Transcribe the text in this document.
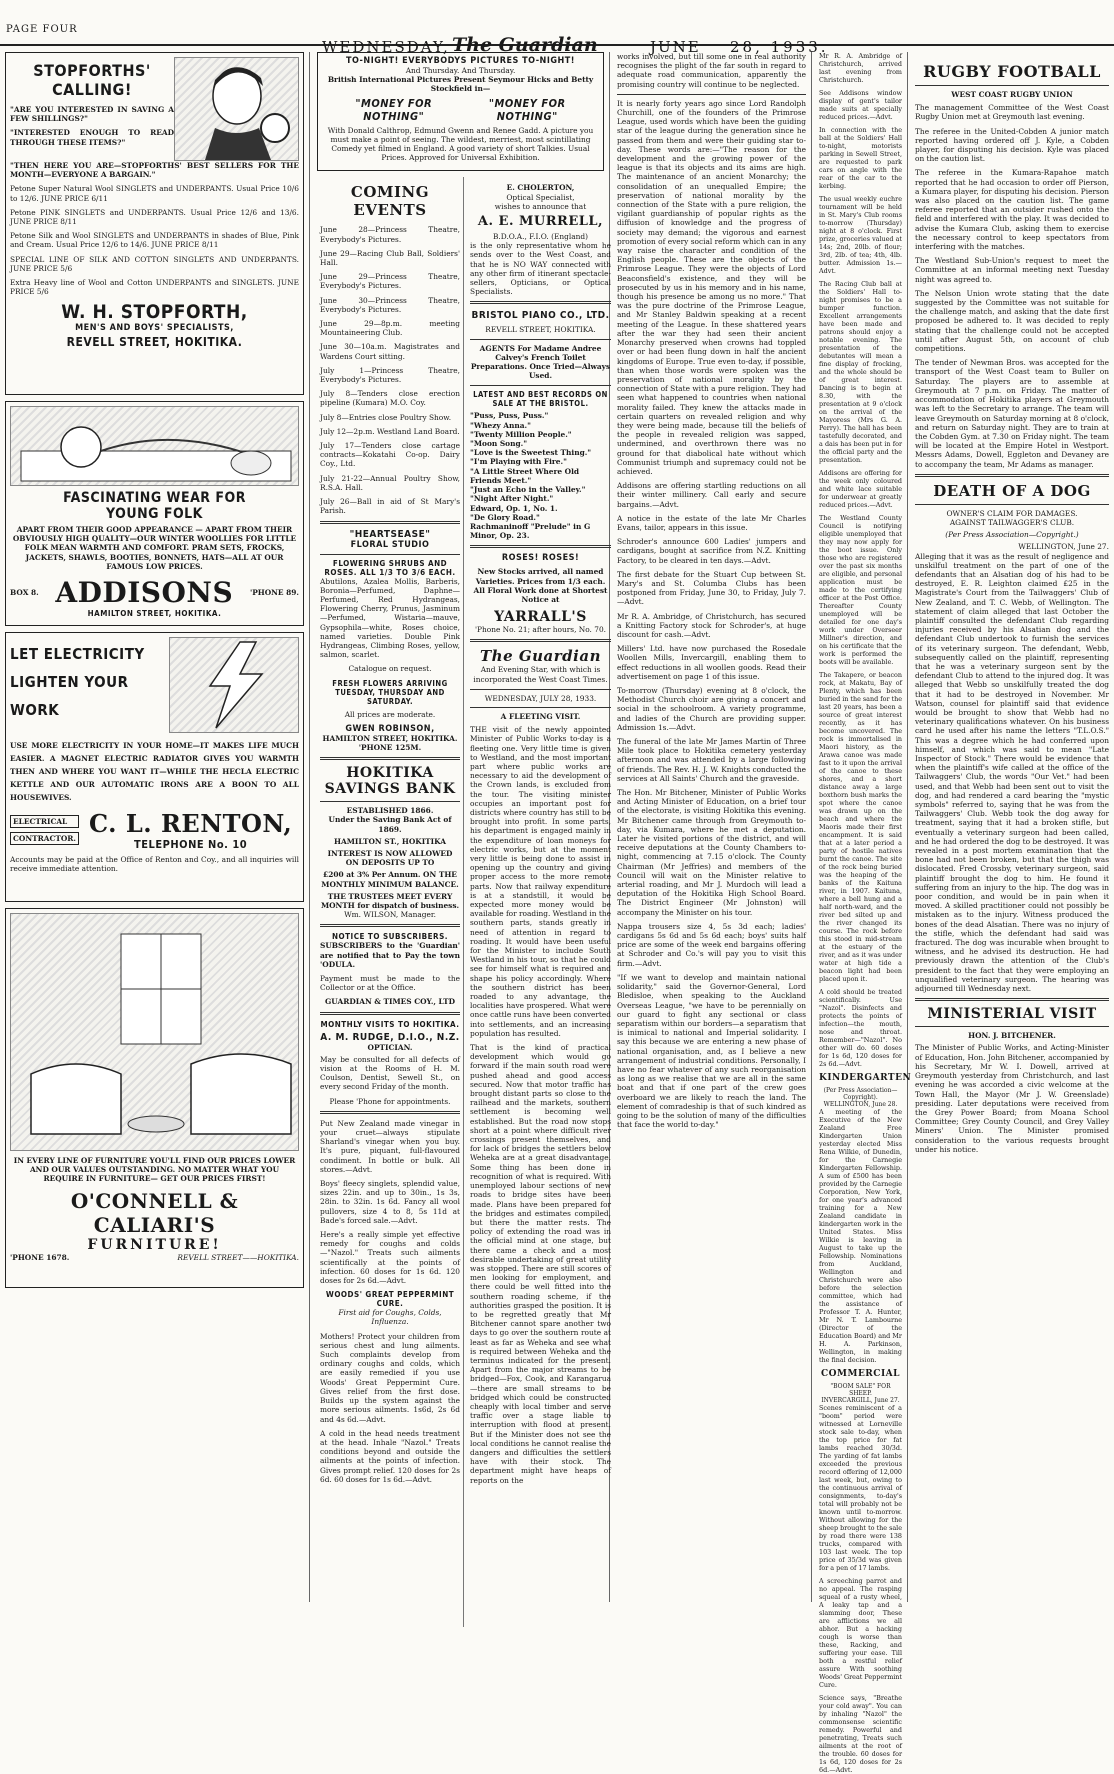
PAGE FOUR
WEDNESDAY, The Guardian	JUNE 28, 1933.
STOPFORTHS'
CALLING!

"ARE YOU INTERESTED IN SAVING A FEW SHILLINGS?"

"INTERESTED ENOUGH TO READ THROUGH THESE ITEMS?"

"THEN HERE YOU ARE—STOPFORTHS' BEST SELLERS FOR THE MONTH—EVERYONE A BARGAIN."

Petone Super Natural Wool SINGLETS and UNDERPANTS. Usual Price 10/6 to 12/6. JUNE PRICE 6/11

Petone PINK SINGLETS and UNDERPANTS. Usual Price 12/6 and 13/6. JUNE PRICE 8/11

Petone Silk and Wool SINGLETS and UNDERPANTS in shades of Blue, Pink and Cream. Usual Price 12/6 to 14/6. JUNE PRICE 8/11

SPECIAL LINE OF SILK AND COTTON SINGLETS AND UNDERPANTS. JUNE PRICE 5/6

Extra Heavy line of Wool and Cotton UNDERPANTS and SINGLETS. JUNE PRICE 5/6

W. H. STOPFORTH,
MEN'S AND BOYS' SPECIALISTS,
REVELL STREET, HOKITIKA.
FASCINATING WEAR FOR
YOUNG FOLK

APART FROM THEIR GOOD APPEARANCE — APART FROM THEIR OBVIOUSLY HIGH QUALITY—OUR WINTER WOOLLIES FOR LITTLE FOLK MEAN WARMTH AND COMFORT. PRAM SETS, FROCKS, JACKETS, SHAWLS, BOOTIES, BONNETS, HATS—ALL AT OUR FAMOUS LOW PRICES.

BOX 8. ADDISONS 'PHONE 89.
HAMILTON STREET, HOKITIKA.
LET ELECTRICITY
LIGHTEN YOUR
WORK

USE MORE ELECTRICITY IN YOUR HOME—IT MAKES LIFE MUCH EASIER. A MAGNET ELECTRIC RADIATOR GIVES YOU WARMTH THEN AND WHERE YOU WANT IT—WHILE THE HECLA ELECTRIC KETTLE AND OUR AUTOMATIC IRONS ARE A BOON TO ALL HOUSEWIVES.

ELECTRICAL
CONTRACTOR.
C. L. RENTON,
TELEPHONE No. 10

Accounts may be paid at the Office of Renton and Coy., and all inquiries will receive immediate attention.

IN EVERY LINE OF FURNITURE YOU'LL FIND OUR PRICES LOWER AND OUR VALUES OUTSTANDING. NO MATTER WHAT YOU REQUIRE IN FURNITURE— GET OUR PRICES FIRST!

O'CONNELL & CALIARI'S
FURNITURE!
'PHONE 1678.	REVELL STREET——HOKITIKA.
TO-NIGHT! EVERYBODYS PICTURES TO-NIGHT!
And Thursday. And Thursday.
British International Pictures Present Seymour Hicks and Betty Stockfield in—
"MONEY FOR NOTHING"
"MONEY FOR NOTHING"

With Donald Calthrop, Edmund Gwenn and Renee Gadd. A picture you must make a point of seeing. The wildest, merriest, most scintillating Comedy yet filmed in England. A good variety of short Talkies. Usual Prices. Approved for Universal Exhibition.

COMING EVENTS

June 28—Princess Theatre, Everybody's Pictures.

June 29—Racing Club Ball, Soldiers' Hall.

June 29—Princess Theatre, Everybody's Pictures.

June 30—Princess Theatre, Everybody's Pictures.

June 29—8p.m. meeting Mountaineering Club.

June 30—10a.m. Magistrates and Wardens Court sitting.

July 1—Princess Theatre, Everybody's Pictures.

July 8—Tenders close erection pipeline (Kumara) M.O. Coy.

July 8—Entries close Poultry Show.

July 12—2p.m. Westland Land Board.

July 17—Tenders close cartage contracts—Kokatahi Co-op. Dairy Coy., Ltd.

July 21-22—Annual Poultry Show, R.S.A. Hall.

July 26—Ball in aid of St Mary's Parish.

"HEARTSEASE"
FLORAL STUDIO
FLOWERING SHRUBS AND ROSES. ALL 1/3 TO 3/6 EACH.

Abutilons, Azalea Mollis, Barberis, Boronia—Perfumed, Daphne—Perfumed, Red Hydrangeas, Flowering Cherry, Prunus, Jasminum—Perfumed, Wistaria—mauve, Gypsophila—white, Roses choice, named varieties. Double Pink Hydrangeas, Climbing Roses, yellow, salmon, scarlet.

Catalogue on request.

FRESH FLOWERS ARRIVING TUESDAY, THURSDAY AND SATURDAY.

All prices are moderate.

GWEN ROBINSON,
HAMILTON STREET, HOKITIKA. 'PHONE 125M.
HOKITIKA
SAVINGS BANK
ESTABLISHED 1866.
Under the Saving Bank Act of 1869.
HAMILTON ST., HOKITIKA
INTEREST IS NOW ALLOWED ON DEPOSITS UP TO
£200 at 3% Per Annum. ON THE MONTHLY MINIMUM BALANCE.
THE TRUSTEES MEET EVERY MONTH for dispatch of business.
Wm. WILSON, Manager.
NOTICE TO SUBSCRIBERS.

SUBSCRIBERS to the 'Guardian' are notified that to Pay the town 'ODULA.

Payment must be made to the Collector or at the Office.

GUARDIAN & TIMES COY., LTD
MONTHLY VISITS TO HOKITIKA.
A. M. RUDGE, D.I.O., N.Z.
OPTICIAN.

May be consulted for all defects of vision at the Rooms of H. M. Coulson, Dentist, Sewell St., on every second Friday of the month.

Please 'Phone for appointments.

Put New Zealand made vinegar in your cruet—always stipulate Sharland's vinegar when you buy. It's pure, piquant, full-flavoured condiment. In bottle or bulk. All stores.—Advt.

Boys' fleecy singlets, splendid value, sizes 22in. and up to 30in., 1s 3s, 28in. to 32in. 1s 6d. Fancy all wool pullovers, size 4 to 8, 5s 11d at Bade's forced sale.—Advt.

Here's a really simple yet effective remedy for coughs and colds—"Nazol." Treats such ailments scientifically at the points of infection. 60 doses for 1s 6d. 120 doses for 2s 6d.—Advt.

WOODS' GREAT PEPPERMINT CURE.

First aid for Coughs, Colds, Influenza.

Mothers! Protect your children from serious chest and lung ailments. Such complaints develop from ordinary coughs and colds, which are easily remedied if you use Woods' Great Peppermint Cure. Gives relief from the first dose. Builds up the system against the more serious ailments. 1s6d, 2s 6d and 4s 6d.—Advt.

A cold in the head needs treatment at the head. Inhale "Nazol." Treats conditions beyond and outside the ailments at the points of infection. Gives prompt relief. 120 doses for 2s 6d. 60 doses for 1s 6d.—Advt.

E. CHOLERTON,
Optical Specialist,
wishes to announce that
A. E. MURRELL,
B.D.O.A., F.I.O. (England)

is the only representative whom he sends over to the West Coast, and that he is NO WAY connected with any other firm of itinerant spectacle-sellers, Opticians, or Optical Specialists.

BRISTOL PIANO CO., LTD.
REVELL STREET, HOKITIKA.

AGENTS For Madame Andree Calvey's French Toilet Preparations. Once Tried—Always Used.

LATEST AND BEST RECORDS ON SALE AT THE BRISTOL.
"Puss, Puss, Puss."
"Whezy Anna."
"Twenty Million People."
"Moon Song."
"Love is the Sweetest Thing."
"I'm Playing with Fire."
"A Little Street Where Old Friends Meet."
"Just an Echo in the Valley."
"Night After Night."
Edward, Op. 1, No. 1.
"De Glory Road."
Rachmaninoff "Prelude" in G Minor, Op. 23.
ROSES! ROSES!

New Stocks arrived, all named Varieties. Prices from 1/3 each. All Floral Work done at Shortest Notice at

YARRALL'S
'Phone No. 21; after hours, No. 70.
The Guardian

And Evening Star, with which is incorporated the West Coast Times.

WEDNESDAY, JULY 28, 1933.
A FLEETING VISIT.

THE visit of the newly appointed Minister of Public Works to-day is a fleeting one. Very little time is given to Westland, and the most important part where public works are necessary to aid the development of the Crown lands, is excluded from the tour. The visiting minister occupies an important post for districts where country has still to be brought into profit. In some parts, his department is engaged mainly in the expenditure of loan moneys for electric works, but at the moment very little is being done to assist in opening up the country and giving proper access to the more remote parts. Now that railway expenditure is at a standstill, it would be expected more money would be available for roading. Westland in the southern parts, stands greatly in need of attention in regard to roading. It would have been useful for the Minister to include South Westland in his tour, so that he could see for himself what is required and shape his policy accordingly. Where the southern district has been roaded to any advantage, the localities have prospered. What were once cattle runs have been converted into settlements, and an increasing population has resulted.

That is the kind of practical development which would go forward if the main south road were pushed ahead and good access secured. Now that motor traffic has brought distant parts so close to the railhead and the markets, southern settlement is becoming well established. But the road now stops short at a point where difficult river crossings present themselves, and for lack of bridges the settlers below Weheka are at a great disadvantage. Some thing has been done in recognition of what is required. With unemployed labour sections of new roads to bridge sites have been made. Plans have been prepared for the bridges and estimates compiled, but there the matter rests. The policy of extending the road was in the official mind at one stage, but there came a check and a most desirable undertaking of great utility was stopped. There are still scores of men looking for employment, and there could be well fitted into the southern roading scheme, if the authorities grasped the position. It is to be regretted greatly that Mr Bitchener cannot spare another two days to go over the southern route at least as far as Weheka and see what is required between Weheka and the terminus indicated for the present. Apart from the major streams to be bridged—Fox, Cook, and Karangarua—there are small streams to be bridged which could be constructed cheaply with local timber and serve traffic over a stage liable to interruption with flood at present. But if the Minister does not see the local conditions he cannot realise the dangers and difficulties the settlers have with their stock. The department might have heaps of reports on the

works involved, but till some one in real authority recognises the plight of the far south in regard to adequate road communication, apparently the promising country will continue to be neglected.

It is nearly forty years ago since Lord Randolph Churchill, one of the founders of the Primrose League, used words which have been the guiding star of the league during the generation since he passed from them and were their guiding star to-day. These words are:—"The reason for the development and the growing power of the league is that its objects and its aims are high. The maintenance of an ancient Monarchy; the consolidation of an unequalled Empire; the preservation of national morality by the connection of the State with a pure religion, the vigilant guardianship of popular rights as the diffusion of knowledge and the progress of society may demand; the vigorous and earnest promotion of every social reform which can in any way raise the character and condition of the English people. These are the objects of the Primrose League. They were the objects of Lord Beaconsfield's existence, and they will be prosecuted by us in his memory and in his name, though his presence be among us no more." That was the pure doctrine of the Primrose League, and Mr Stanley Baldwin speaking at a recent meeting of the League. In these shattered years after the war they had seen their ancient Monarchy preserved when crowns had toppled over or had been flung down in half the ancient kingdoms of Europe. True even to-day, if possible, than when those words were spoken was the preservation of national morality by the connection of State with a pure religion. They had seen what happened to countries when national morality failed. They knew the attacks made in certain quarters on revealed religion and why they were being made, because till the beliefs of the people in revealed religion was sapped, undermined, and overthrown there was no ground for that diabolical hate without which Communist triumph and supremacy could not be achieved.

Addisons are offering startling reductions on all their winter millinery. Call early and secure bargains.—Advt.

A notice in the estate of the late Mr Charles Evans, tailor, appears in this issue.

Schroder's announce 600 Ladies' jumpers and cardigans, bought at sacrifice from N.Z. Knitting Factory, to be cleared in ten days.—Advt.

The first debate for the Stuart Cup between St. Mary's and St. Columba Clubs has been postponed from Friday, June 30, to Friday, July 7.—Advt.

Mr R. A. Ambridge, of Christchurch, has secured a Knitting Factory stock for Schroder's, at huge discount for cash.—Advt.

Millers' Ltd. have now purchased the Rosedale Woollen Mills, Invercargill, enabling them to effect reductions in all woollen goods. Read their advertisement on page 1 of this issue.

To-morrow (Thursday) evening at 8 o'clock, the Methodist Church choir are giving a concert and social in the schoolroom. A variety programme, and ladies of the Church are providing supper. Admission 1s.—Advt.

The funeral of the late Mr James Martin of Three Mile took place to Hokitika cemetery yesterday afternoon and was attended by a large following of friends. The Rev. H. J. W. Knights conducted the services at All Saints' Church and the graveside.

The Hon. Mr Bitchener, Minister of Public Works and Acting Minister of Education, on a brief tour of the electorate, is visiting Hokitika this evening. Mr Bitchener came through from Greymouth to-day, via Kumara, where he met a deputation. Later he visited portions of the district, and will receive deputations at the County Chambers to-night, commencing at 7.15 o'clock. The County Chairman (Mr Jeffries) and members of the Council will wait on the Minister relative to arterial roading, and Mr J. Murdoch will lead a deputation of the Hokitika High School Board. The District Engineer (Mr Johnston) will accompany the Minister on his tour.

Nappa trousers size 4, 5s 3d each; ladies' cardigans 5s 6d and 5s 6d each; boys' suits half price are some of the week end bargains offering at Schroder and Co.'s will pay you to visit this firm.—Advt.

"If we want to develop and maintain national solidarity," said the Governor-General, Lord Bledisloe, when speaking to the Auckland Overseas League, "we have to be perennially on our guard to fight any sectional or class separatism within our borders—a separatism that is inimical to national and Imperial solidarity. I say this because we are entering a new phase of national organisation, and, as I believe a new arrangement of industrial conditions. Personally, I have no fear whatever of any such reorganisation as long as we realise that we are all in the same boat and that if one part of the crew goes overboard we are likely to reach the land. The element of comradeship is that of such kindred as going to be the solution of many of the difficulties that face the world to-day."

Mr R. A. Ambridge of Christchurch, arrived last evening from Christchurch.

See Addisons window display of gent's tailor made suits at specially reduced prices.—Advt.

In connection with the ball at the Soldiers' Hall to-night, motorists parking in Sewell Street, are requested to park cars on angle with the rear of the car to the kerbing.

The usual weekly euchre tournament will be held in St. Mary's Club rooms to-morrow (Thursday) night at 8 o'clock. First prize, groceries valued at 14s; 2nd, 20lb. of flour; 3rd, 2lb. of tea; 4th, 4lb. butter. Admission 1s.—Advt.

The Racing Club ball at the Soldiers' Hall to-night promises to be a bumper function. Excellent arrangements have been made and patrons should enjoy a notable evening. The presentation of the debutantes will mean a fine display of frocking, and the whole should be of great interest. Dancing is to begin at 8.30, with the presentation at 9 o'clock on the arrival of the Mayoress (Mrs G. A. Perry). The hall has been tastefully decorated, and a dais has been put in for the official party and the presentation.

Addisons are offering for the week only coloured and white lace suitable for underwear at greatly reduced prices.—Advt.

The Westland County Council is notifying eligible unemployed that they may now apply for the boot issue. Only those who are registered over the past six months are eligible, and personal application must be made to the certifying officer at the Post Office. Thereafter County unemployed will be detailed for one day's work under Overseer Millner's direction, and on his certificate that the work is performed the boots will be available.

The Takapere, or beacon rock, at Makatu, Bay of Plenty, which has been buried in the sand for the last 20 years, has been a source of great interest recently, as it has become uncovered. The rock is immortalised in Maori history, as the Arawa canoe was made fast to it upon the arrival of the canoe to these shores, and a short distance away a large boxthorn bush marks the spot where the canoe was drawn up on the beach and where the Maoris made their first encampment. It is said that at a later period a party of hostile natives burnt the canoe. The site of the rock being buried was the heaping of the banks of the Kaituna river, in 1907. Kaituna, where a bell hung and a half north-ward, and the river bed silted up and the river changed its course. The rock before this stood in mid-stream at the estuary of the river, and as it was under water at high tide a beacon light had been placed upon it.

A cold should be treated scientifically. Use "Nazol". Disinfects and protects the points of infection—the mouth, nose and throat. Remember—"Nazol". No other will do. 60 doses for 1s 6d, 120 doses for 2s 6d.—Advt.

KINDERGARTEN
(Per Press Association—Copyright).
WELLINGTON, June 28.

A meeting of the Executive of the New Zealand Free Kindergarten Union yesterday elected Miss Rena Wilkie, of Dunedin, for the Carnegie Kindergarten Fellowship. A sum of £500 has been provided by the Carnegie Corporation, New York, for one year's advanced training for a New Zealand candidate in kindergarten work in the United States. Miss Wilkie is leaving in August to take up the Fellowship. Nominations from Auckland, Wellington and Christchurch were also before the selection committee, which had the assistance of Professor T. A. Hunter, Mr N. T. Lambourne (Director of the Education Board) and Mr H. A. Parkinson, Wellington, in making the final decision.

COMMERCIAL
"BOOM SALE" FOR SHEEP.
INVERCARGILL, June 27.

Scenes reminiscent of a "boom" period were witnessed at Lorneville stock sale to-day, when the top price for fat lambs reached 30/3d. The yarding of fat lambs exceeded the previous record offering of 12,000 last week, but, owing to the continuous arrival of consignments, to-day's total will probably not be known until to-morrow. Without allowing for the sheep brought to the sale by road there were 138 trucks, compared with 103 last week. The top price of 35/3d was given for a pen of 17 lambs.

A screeching parrot and no appeal. The rasping squeal of a rusty wheel, A leaky tap and a slamming door, These are afflictions we all abhor. But a hacking cough is worse than these, Racking, and suffering your ease. Till both a restful relief assure With soothing Woods' Great Peppermint Cure.

Science says, "Breathe your cold away". You can by inhaling "Nazol" the commonsense scientific remedy. Powerful and penetrating, Treats such ailments at the root of the trouble. 60 doses for 1s 6d, 120 doses for 2s 6d.—Advt.

RUGBY FOOTBALL
WEST COAST RUGBY UNION

The management Committee of the West Coast Rugby Union met at Greymouth last evening.

The referee in the United-Cobden A junior match reported having ordered off J. Kyle, a Cobden player, for disputing his decision. Kyle was placed on the caution list.

The referee in the Kumara-Rapahoe match reported that he had occasion to order off Pierson, a Kumara player, for disputing his decision. Pierson was also placed on the caution list. The game referee reported that an outsider rushed onto the field and interfered with the play. It was decided to advise the Kumara Club, asking them to exercise the necessary control to keep spectators from interfering with the matches.

The Westland Sub-Union's request to meet the Committee at an informal meeting next Tuesday night was agreed to.

The Nelson Union wrote stating that the date suggested by the Committee was not suitable for the challenge match, and asking that the date first proposed be adhered to. It was decided to reply stating that the challenge could not be accepted until after August 5th, on account of club competitions.

The tender of Newman Bros. was accepted for the transport of the West Coast team to Buller on Saturday. The players are to assemble at Greymouth at 7 p.m. on Friday. The matter of accommodation of Hokitika players at Greymouth was left to the Secretary to arrange. The team will leave Greymouth on Saturday morning at 8 o'clock, and return on Saturday night. They are to train at the Cobden Gym. at 7.30 on Friday night. The team will be located at the Empire Hotel in Westport. Messrs Adams, Dowell, Eggleton and Devaney are to accompany the team, Mr Adams as manager.

DEATH OF A DOG
OWNER'S CLAIM FOR DAMAGES.
AGAINST TAILWAGGER'S CLUB.
(Per Press Association—Copyright.)
WELLINGTON, June 27.

Alleging that it was as the result of negligence and unskilful treatment on the part of one of the defendants that an Alsatian dog of his had to be destroyed, E. R. Leighton claimed £25 in the Magistrate's Court from the Tailwaggers' Club of New Zealand, and T. C. Webb, of Wellington. The statement of claim alleged that last October the plaintiff consulted the defendant Club regarding injuries received by his Alsatian dog and the defendant Club undertook to furnish the services of its veterinary surgeon. The defendant, Webb, subsequently called on the plaintiff, representing that he was a veterinary surgeon sent by the defendant Club to attend to the injured dog. It was alleged that Webb so unskilfully treated the dog that it had to be destroyed in November. Mr Watson, counsel for plaintiff said that evidence would be brought to show that Webb had no veterinary qualifications whatever. On his business card he used after his name the letters "T.L.O.S." This was a degree which he had conferred upon himself, and which was said to mean "Late Inspector of Stock." There would be evidence that when the plaintiff's wife called at the office of the Tailwaggers' Club, the words "Our Vet." had been used, and that Webb had been sent out to visit the dog, and had rendered a card bearing the "mystic symbols" referred to, saying that he was from the Tailwaggers' Club. Webb took the dog away for treatment, saying that it had a broken stifle, but eventually a veterinary surgeon had been called, and he had ordered the dog to be destroyed. It was revealed in a post mortem examination that the bone had not been broken, but that the thigh was dislocated. Fred Crossby, veterinary surgeon, said plaintiff brought the dog to him. He found it suffering from an injury to the hip. The dog was in poor condition, and would be in pain when it moved. A skilled practitioner could not possibly be mistaken as to the injury. Witness produced the bones of the dead Alsatian. There was no injury of the stifle, which the defendant had said was fractured. The dog was incurable when brought to witness, and he advised its destruction. He had previously drawn the attention of the Club's president to the fact that they were employing an unqualified veterinary surgeon. The hearing was adjourned till Wednesday next.

MINISTERIAL VISIT
HON. J. BITCHENER.

The Minister of Public Works, and Acting-Minister of Education, Hon. John Bitchener, accompanied by his Secretary, Mr W. I. Dowell, arrived at Greymouth yesterday from Christchurch, and last evening he was accorded a civic welcome at the Town Hall, the Mayor (Mr J. W. Greenslade) presiding. Later deputations were received from the Grey Power Board; from Moana School Committee; Grey County Council, and Grey Valley Miners' Union. The Minister promised consideration to the various requests brought under his notice.
